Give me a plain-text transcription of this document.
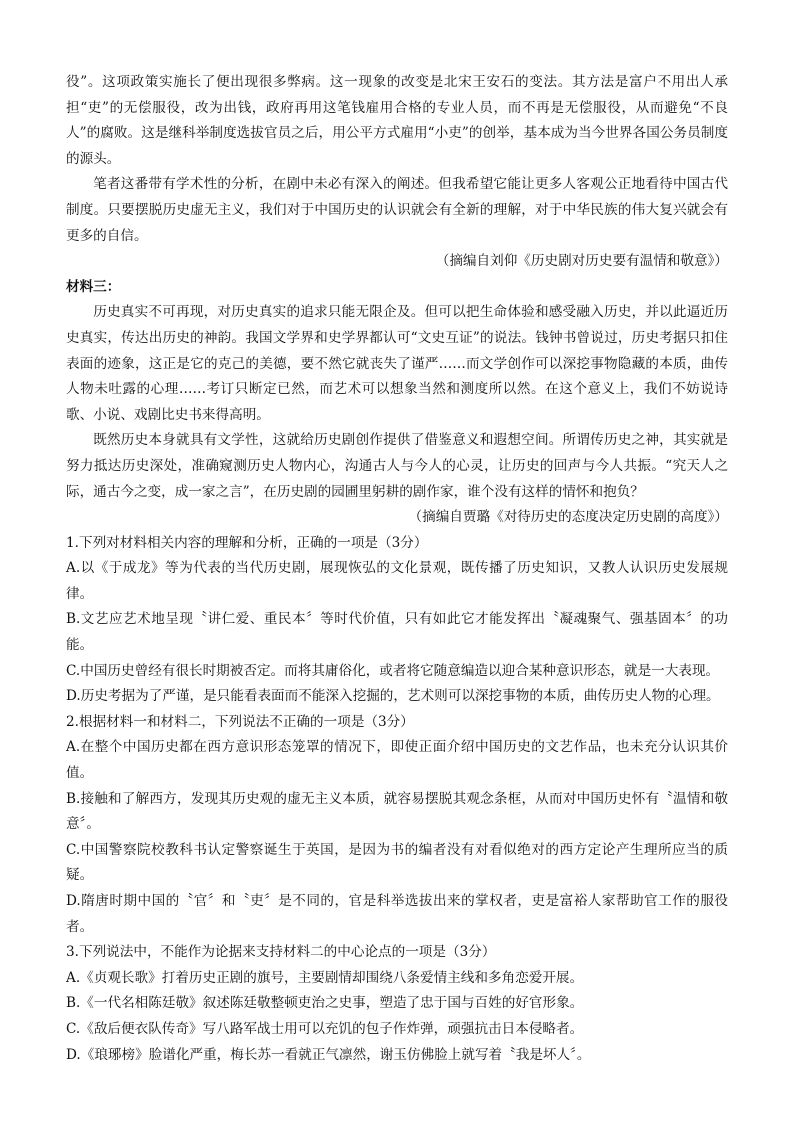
役”。这项政策实施长了便出现很多弊病。这一现象的改变是北宋王安石的变法。其方法是富户不用出人承担“吏”的无偿服役，改为出钱，政府再用这笔钱雇用合格的专业人员，而不再是无偿服役，从而避免“不良人”的腐败。这是继科举制度选拔官员之后，用公平方式雇用“小吏”的创举，基本成为当今世界各国公务员制度的源头。

笔者这番带有学术性的分析，在剧中未必有深入的阐述。但我希望它能让更多人客观公正地看待中国古代制度。只要摆脱历史虚无主义，我们对于中国历史的认识就会有全新的理解，对于中华民族的伟大复兴就会有更多的自信。

（摘编自刘仰《历史剧对历史要有温情和敬意》）

材料三：

历史真实不可再现，对历史真实的追求只能无限企及。但可以把生命体验和感受融入历史，并以此逼近历史真实，传达出历史的神韵。我国文学界和史学界都认可“文史互证”的说法。钱钟书曾说过，历史考据只扣住表面的迹象，这正是它的克己的美德，要不然它就丧失了谨严……而文学创作可以深挖事物隐藏的本质，曲传人物未吐露的心理……考订只断定已然，而艺术可以想象当然和测度所以然。在这个意义上，我们不妨说诗歌、小说、戏剧比史书来得高明。

既然历史本身就具有文学性，这就给历史剧创作提供了借鉴意义和遐想空间。所谓传历史之神，其实就是努力抵达历史深处，准确窥测历史人物内心，沟通古人与今人的心灵，让历史的回声与今人共振。“究天人之际，通古今之变，成一家之言”，在历史剧的园圃里躬耕的剧作家，谁个没有这样的情怀和抱负？

（摘编自贾璐《对待历史的态度决定历史剧的高度》）

1.下列对材料相关内容的理解和分析，正确的一项是（3分）

A.以《于成龙》等为代表的当代历史剧，展现恢弘的文化景观，既传播了历史知识，又教人认识历史发展规律。

B.文艺应艺术地呈现〝讲仁爱、重民本〞等时代价值，只有如此它才能发挥出〝凝魂聚气、强基固本〞的功能。

C.中国历史曾经有很长时期被否定。而将其庸俗化，或者将它随意编造以迎合某种意识形态，就是一大表现。

D.历史考据为了严谨，是只能看表面而不能深入挖掘的，艺术则可以深挖事物的本质，曲传历史人物的心理。

2.根据材料一和材料二，下列说法不正确的一项是（3分）

A.在整个中国历史都在西方意识形态笼罩的情况下，即使正面介绍中国历史的文艺作品，也未充分认识其价值。

B.接触和了解西方，发现其历史观的虚无主义本质，就容易摆脱其观念条框，从而对中国历史怀有〝温情和敬意〞。

C.中国警察院校教科书认定警察诞生于英国，是因为书的编者没有对看似绝对的西方定论产生理所应当的质疑。

D.隋唐时期中国的〝官〞和〝吏〞是不同的，官是科举选拔出来的掌权者，吏是富裕人家帮助官工作的服役者。

3.下列说法中，不能作为论据来支持材料二的中心论点的一项是（3分）

A.《贞观长歌》打着历史正剧的旗号，主要剧情却围绕八条爱情主线和多角恋爱开展。

B.《一代名相陈廷敬》叙述陈廷敬整顿吏治之史事，塑造了忠于国与百姓的好官形象。

C.《敌后便衣队传奇》写八路军战士用可以充饥的包子作炸弹，顽强抗击日本侵略者。

D.《琅琊榜》脸谱化严重，梅长苏一看就正气凛然，谢玉仿佛脸上就写着〝我是坏人〞。
